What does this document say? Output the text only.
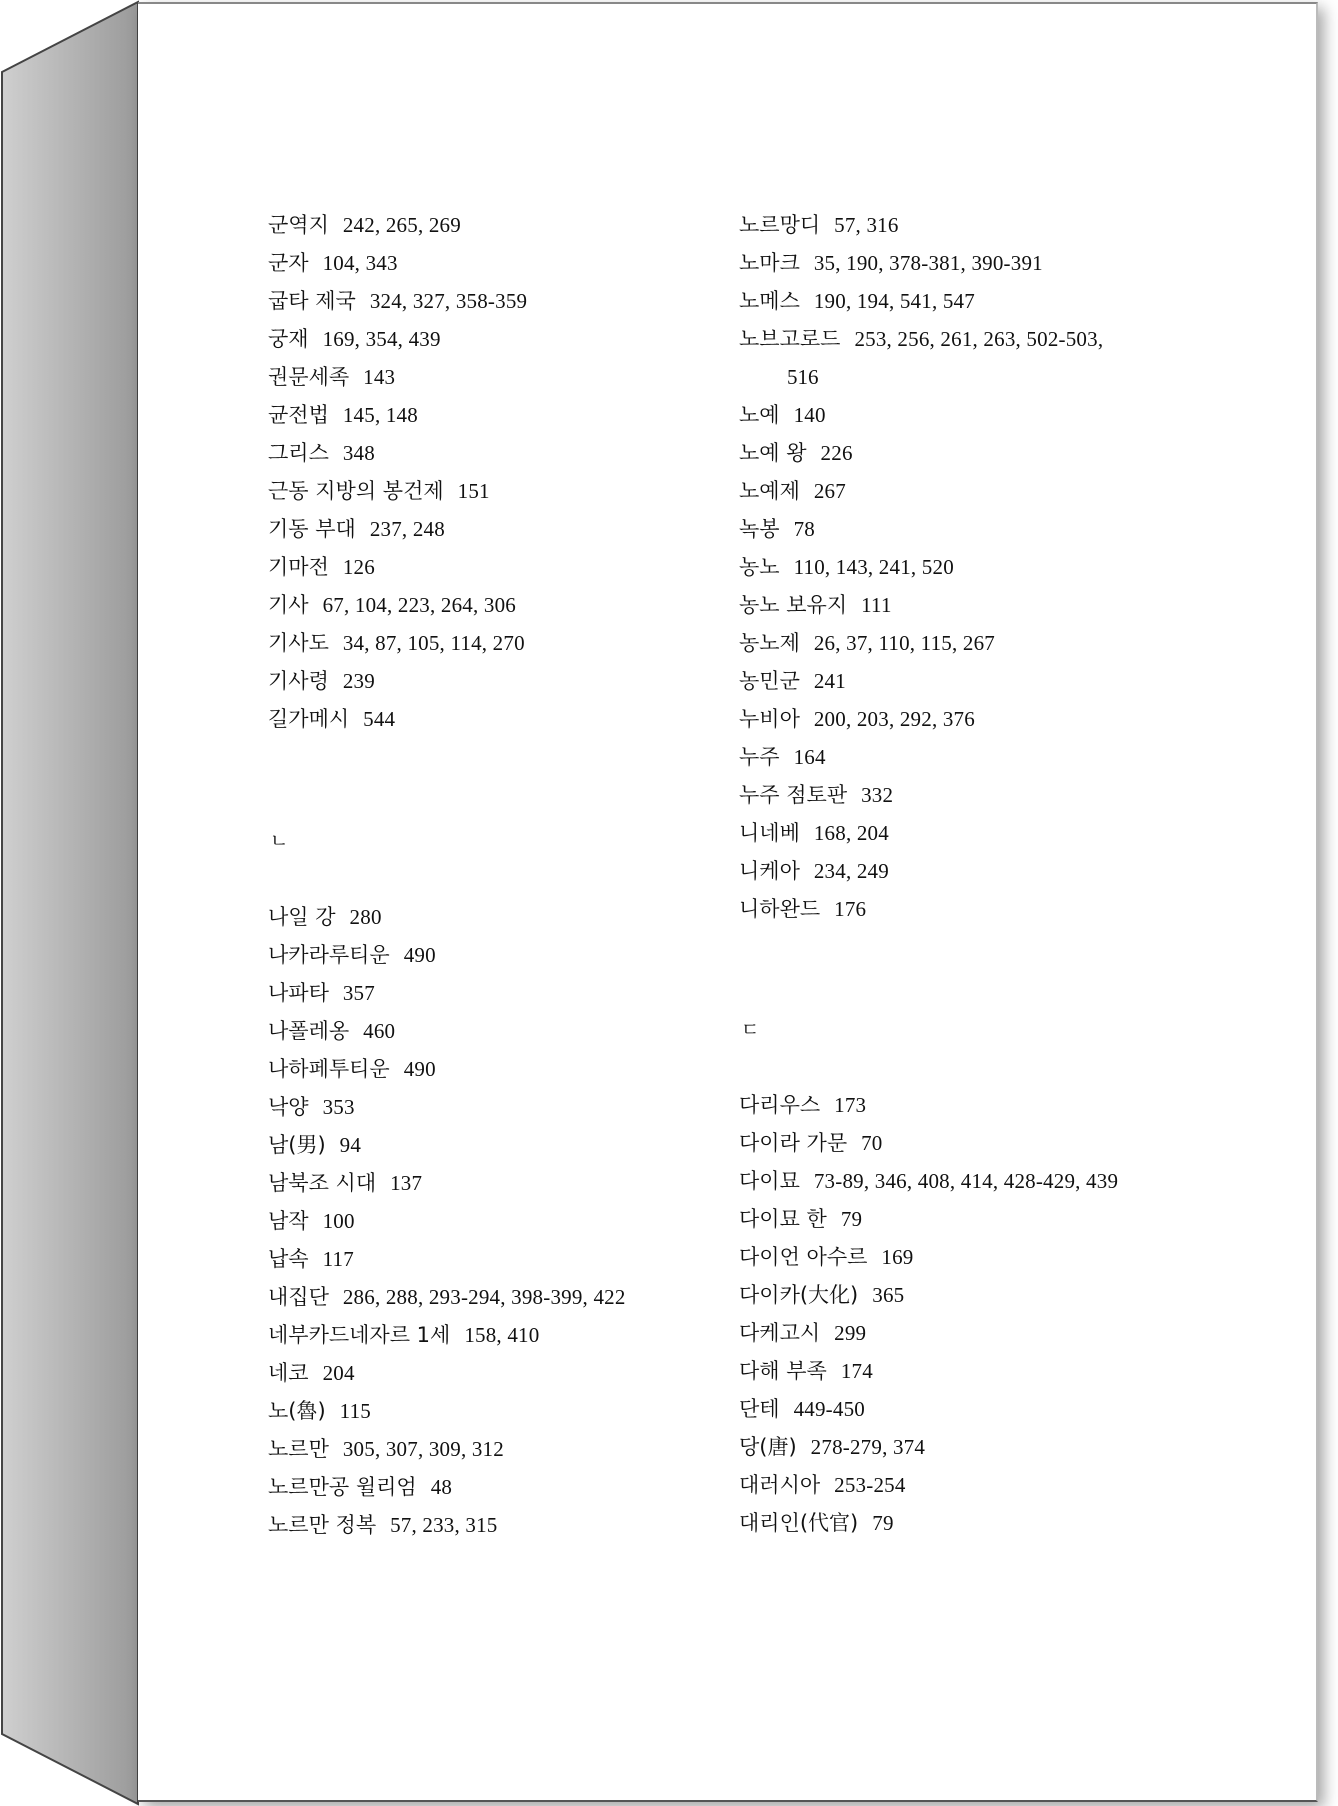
군역지 242, 265, 269
군자 104, 343
굽타 제국 324, 327, 358-359
궁재 169, 354, 439
권문세족 143
균전법 145, 148
그리스 348
근동 지방의 봉건제 151
기동 부대 237, 248
기마전 126
기사 67, 104, 223, 264, 306
기사도 34, 87, 105, 114, 270
기사령 239
길가메시 544
ㄴ
나일 강 280
나카라루티운 490
나파타 357
나폴레옹 460
나하페투티운 490
낙양 353
남(男) 94
남북조 시대 137
남작 100
납속 117
내집단 286, 288, 293-294, 398-399, 422
네부카드네자르 1세 158, 410
네코 204
노(魯) 115
노르만 305, 307, 309, 312
노르만공 윌리엄 48
노르만 정복 57, 233, 315
노르망디 57, 316
노마크 35, 190, 378-381, 390-391
노메스 190, 194, 541, 547
노브고로드 253, 256, 261, 263, 502-503,
516
노예 140
노예 왕 226
노예제 267
녹봉 78
농노 110, 143, 241, 520
농노 보유지 111
농노제 26, 37, 110, 115, 267
농민군 241
누비아 200, 203, 292, 376
누주 164
누주 점토판 332
니네베 168, 204
니케아 234, 249
니하완드 176
ㄷ
다리우스 173
다이라 가문 70
다이묘 73-89, 346, 408, 414, 428-429, 439
다이묘 한 79
다이언 아수르 169
다이카(大化) 365
다케고시 299
다해 부족 174
단테 449-450
당(唐) 278-279, 374
대러시아 253-254
대리인(代官) 79
